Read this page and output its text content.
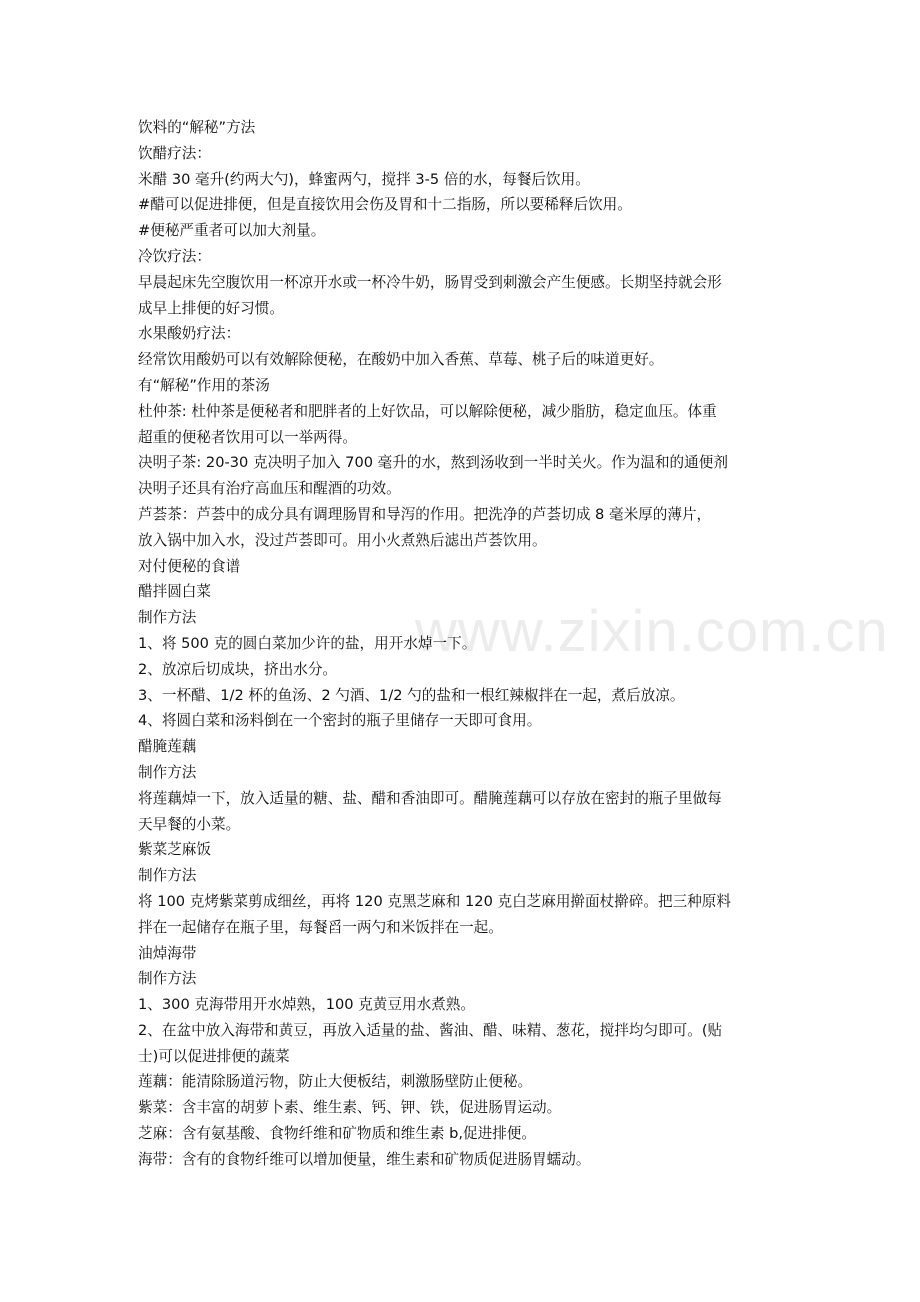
www.zixin.com.cn
饮料的“解秘”方法
饮醋疗法：
米醋 30 毫升(约两大勺)，蜂蜜两勺，搅拌 3-5 倍的水，每餐后饮用。
#醋可以促进排便，但是直接饮用会伤及胃和十二指肠，所以要稀释后饮用。
#便秘严重者可以加大剂量。
冷饮疗法：
早晨起床先空腹饮用一杯凉开水或一杯冷牛奶，肠胃受到刺激会产生便感。长期坚持就会形
成早上排便的好习惯。
水果酸奶疗法：
经常饮用酸奶可以有效解除便秘，在酸奶中加入香蕉、草莓、桃子后的味道更好。
有“解秘”作用的茶汤
杜仲茶: 杜仲茶是便秘者和肥胖者的上好饮品，可以解除便秘，减少脂肪，稳定血压。体重
超重的便秘者饮用可以一举两得。
决明子茶: 20-30 克决明子加入 700 毫升的水，熬到汤收到一半时关火。作为温和的通便剂
决明子还具有治疗高血压和醒酒的功效。
芦荟茶：芦荟中的成分具有调理肠胃和导泻的作用。把洗净的芦荟切成 8 毫米厚的薄片，
放入锅中加入水，没过芦荟即可。用小火煮熟后滤出芦荟饮用。
对付便秘的食谱
醋拌圆白菜
制作方法
1、将 500 克的圆白菜加少许的盐，用开水焯一下。
2、放凉后切成块，挤出水分。
3、一杯醋、1/2 杯的鱼汤、2 勺酒、1/2 勺的盐和一根红辣椒拌在一起，煮后放凉。
4、将圆白菜和汤料倒在一个密封的瓶子里储存一天即可食用。
醋腌莲藕
制作方法
将莲藕焯一下，放入适量的糖、盐、醋和香油即可。醋腌莲藕可以存放在密封的瓶子里做每
天早餐的小菜。
紫菜芝麻饭
制作方法
将 100 克烤紫菜剪成细丝，再将 120 克黑芝麻和 120 克白芝麻用擀面杖擀碎。把三种原料
拌在一起储存在瓶子里，每餐舀一两勺和米饭拌在一起。
油焯海带
制作方法
1、300 克海带用开水焯熟，100 克黄豆用水煮熟。
2、在盆中放入海带和黄豆，再放入适量的盐、酱油、醋、味精、葱花，搅拌均匀即可。(贴
士)可以促进排便的蔬菜
莲藕：能清除肠道污物，防止大便板结，刺激肠壁防止便秘。
紫菜：含丰富的胡萝卜素、维生素、钙、钾、铁，促进肠胃运动。
芝麻：含有氨基酸、食物纤维和矿物质和维生素 b,促进排便。
海带：含有的食物纤维可以增加便量，维生素和矿物质促进肠胃蠕动。
